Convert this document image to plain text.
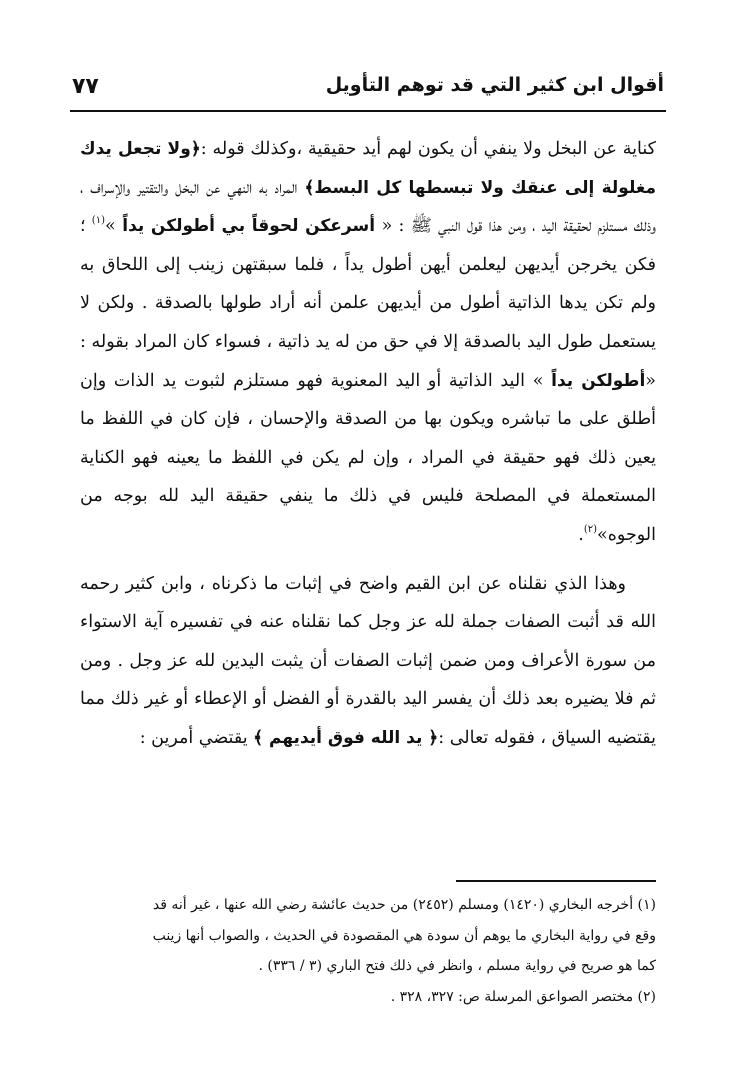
أقوال ابن كثير التي قد توهم التأويل
٧٧

كناية عن البخل ولا ينفي أن يكون لهم أيد حقيقية ،وكذلك قوله :﴿ولا تجعل يدك مغلولة إلى عنقك ولا تبسطها كل البسط﴾ المراد به النهي عن البخل والتقتير والإسراف ، وذلك مستلزم لحقيقة اليد ، ومن هذا قول النبي ﷺ : « أسرعكن لحوقاً بي أطولكن يداً »$^{(١)}$ ؛ فكن يخرجن أيديهن ليعلمن أيهن أطول يداً ، فلما سبقتهن زينب إلى اللحاق به ولم تكن يدها الذاتية أطول من أيديهن علمن أنه أراد طولها بالصدقة . ولكن لا يستعمل طول اليد بالصدقة إلا في حق من له يد ذاتية ، فسواء كان المراد بقوله : «أطولكن يداً » اليد الذاتية أو اليد المعنوية فهو مستلزم لثبوت يد الذات وإن أطلق على ما تباشره ويكون بها من الصدقة والإحسان ، فإن كان في اللفظ ما يعين ذلك فهو حقيقة في المراد ، وإن لم يكن في اللفظ ما يعينه فهو الكناية المستعملة في المصلحة فليس في ذلك ما ينفي حقيقة اليد لله بوجه من الوجوه»$^{(٢)}$.

وهذا الذي نقلناه عن ابن القيم واضح في إثبات ما ذكرناه ، وابن كثير رحمه الله قد أثبت الصفات جملة لله عز وجل كما نقلناه عنه في تفسيره آية الاستواء من سورة الأعراف ومن ضمن إثبات الصفات أن يثبت اليدين لله عز وجل . ومن ثم فلا يضيره بعد ذلك أن يفسر اليد بالقدرة أو الفضل أو الإعطاء أو غير ذلك مما يقتضيه السياق ، فقوله تعالى :﴿ يد الله فوق أيديهم ﴾ يقتضي أمرين :

(١) أخرجه البخاري (١٤٢٠) ومسلم (٢٤٥٢) من حديث عائشة رضي الله عنها ، غير أنه قد

وقع في رواية البخاري ما يوهم أن سودة هي المقصودة في الحديث ، والصواب أنها زينب

كما هو صريح في رواية مسلم ، وانظر في ذلك فتح الباري (٣ / ٣٣٦) .

(٢) مختصر الصواعق المرسلة ص: ٣٢٧، ٣٢٨ .
